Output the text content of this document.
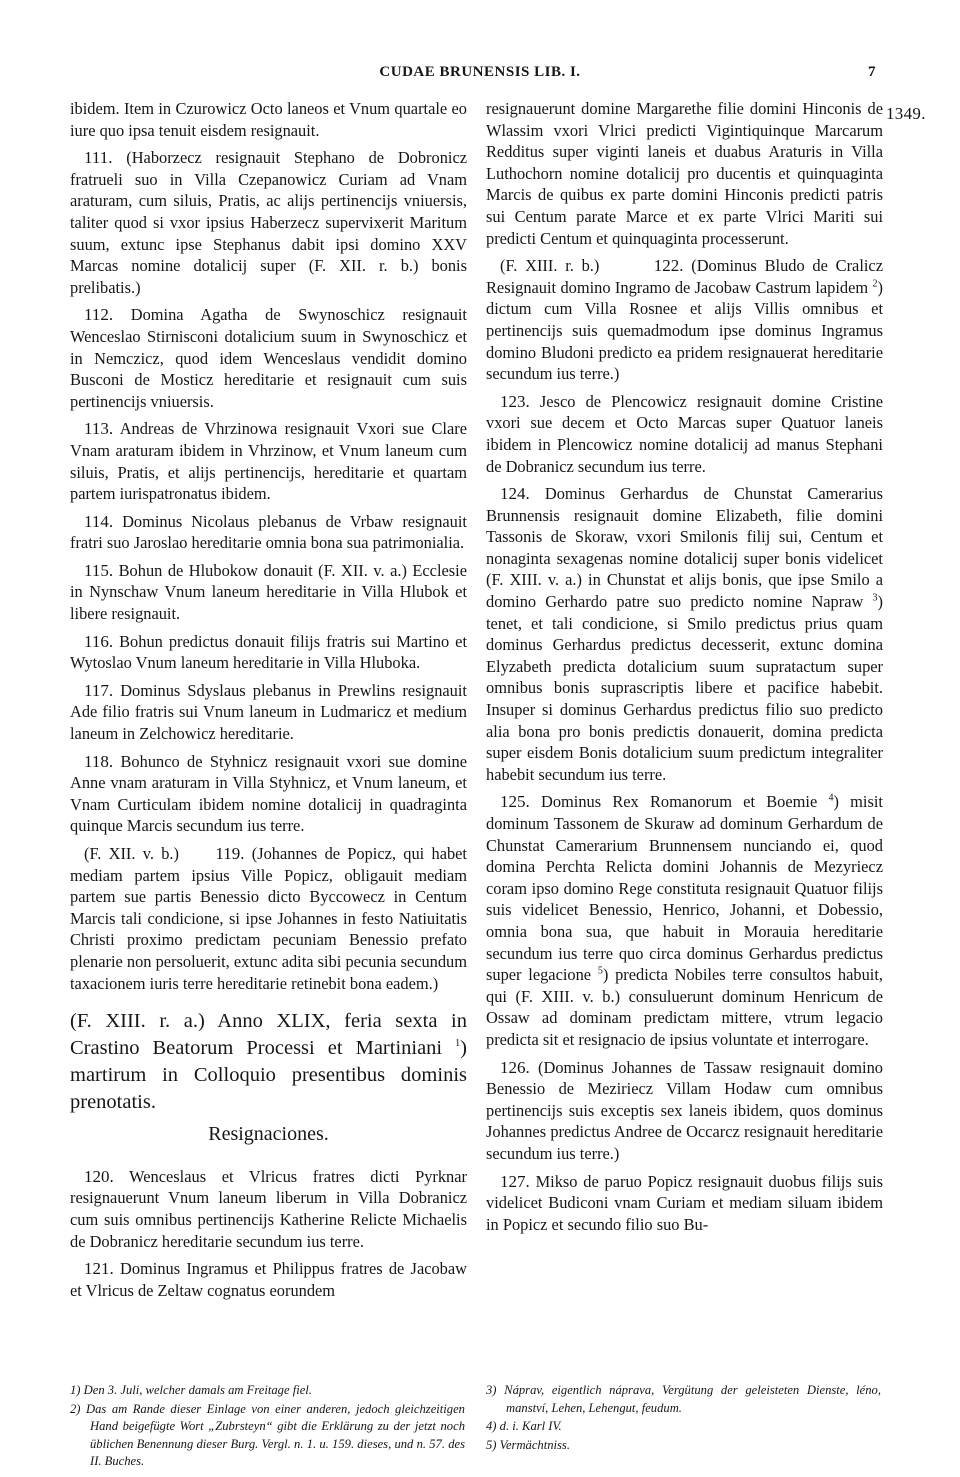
CUDAE BRUNENSIS LIB. I.	7
1349.

ibidem. Item in Czurowicz Octo laneos et Vnum quartale eo iure quo ipsa tenuit eisdem resignauit.

111. (Haborzecz resignauit Stephano de Dobronicz fratrueli suo in Villa Czepanowicz Curiam ad Vnam araturam, cum siluis, Pratis, ac alijs pertinencijs vniuersis, taliter quod si vxor ipsius Haberzecz supervixerit Maritum suum, extunc ipse Stephanus dabit ipsi domino XXV Marcas nomine dotalicij super (F. XII. r. b.) bonis prelibatis.)

112. Domina Agatha de Swynoschicz resignauit Wenceslao Stirnisconi dotalicium suum in Swynoschicz et in Nemczicz, quod idem Wenceslaus vendidit domino Busconi de Mosticz hereditarie et resignauit cum suis pertinencijs vniuersis.

113. Andreas de Vhrzinowa resignauit Vxori sue Clare Vnam araturam ibidem in Vhrzinow, et Vnum laneum cum siluis, Pratis, et alijs pertinencijs, hereditarie et quartam partem iurispatronatus ibidem.

114. Dominus Nicolaus plebanus de Vrbaw resignauit fratri suo Jaroslao hereditarie omnia bona sua patrimonialia.

115. Bohun de Hlubokow donauit (F. XII. v. a.) Ecclesie in Nynschaw Vnum laneum hereditarie in Villa Hlubok et libere resignauit.

116. Bohun predictus donauit filijs fratris sui Martino et Wytoslao Vnum laneum hereditarie in Villa Hluboka.

117. Dominus Sdyslaus plebanus in Prewlins resignauit Ade filio fratris sui Vnum laneum in Ludmaricz et medium laneum in Zelchowicz hereditarie.

118. Bohunco de Styhnicz resignauit vxori sue domine Anne vnam araturam in Villa Styhnicz, et Vnum laneum, et Vnam Curticulam ibidem nomine dotalicij in quadraginta quinque Marcis secundum ius terre.

(F. XII. v. b.) 119. (Johannes de Popicz, qui habet mediam partem ipsius Ville Popicz, obligauit mediam partem sue partis Benessio dicto Byccowecz in Centum Marcis tali condicione, si ipse Johannes in festo Natiuitatis Christi proximo predictam pecuniam Benessio prefato plenarie non persoluerit, extunc adita sibi pecunia secundum taxacionem iuris terre hereditarie retinebit bona eadem.)

(F. XIII. r. a.) Anno XLIX, feria sexta in Crastino Beatorum Processi et Martiniani $^1$) martirum in Colloquio presentibus dominis prenotatis.
Resignaciones.

120. Wenceslaus et Vlricus fratres dicti Pyrknar resignauerunt Vnum laneum liberum in Villa Dobranicz cum suis omnibus pertinencijs Katherine Relicte Michaelis de Dobranicz hereditarie secundum ius terre.

121. Dominus Ingramus et Philippus fratres de Jacobaw et Vlricus de Zeltaw cognatus eorundem

resignauerunt domine Margarethe filie domini Hinconis de Wlassim vxori Vlrici predicti Vigintiquinque Marcarum Redditus super viginti laneis et duabus Araturis in Villa Luthochorn nomine dotalicij pro ducentis et quinquaginta Marcis de quibus ex parte domini Hinconis predicti patris sui Centum parate Marce et ex parte Vlrici Mariti sui predicti Centum et quinquaginta processerunt.

(F. XIII. r. b.)	122. (Dominus Bludo de Cralicz Resignauit domino Ingramo de Jacobaw Castrum lapidem $^2$) dictum cum Villa Rosnee et alijs Villis omnibus et pertinencijs suis quemadmodum ipse dominus Ingramus domino Bludoni predicto ea pridem resignauerat hereditarie secundum ius terre.)

123. Jesco de Plencowicz resignauit domine Cristine vxori sue decem et Octo Marcas super Quatuor laneis ibidem in Plencowicz nomine dotalicij ad manus Stephani de Dobranicz secundum ius terre.

124. Dominus Gerhardus de Chunstat Camerarius Brunnensis resignauit domine Elizabeth, filie domini Tassonis de Skoraw, vxori Smilonis filij sui, Centum et nonaginta sexagenas nomine dotalicij super bonis videlicet (F. XIII. v. a.) in Chunstat et alijs bonis, que ipse Smilo a domino Gerhardo patre suo predicto nomine Napraw $^3$) tenet, et tali condicione, si Smilo predictus prius quam dominus Gerhardus predictus decesserit, extunc domina Elyzabeth predicta dotalicium suum supratactum super omnibus bonis suprascriptis libere et pacifice habebit. Insuper si dominus Gerhardus predictus filio suo predicto alia bona pro bonis predictis donauerit, domina predicta super eisdem Bonis dotalicium suum predictum integraliter habebit secundum ius terre.

125. Dominus Rex Romanorum et Boemie $^4$) misit dominum Tassonem de Skuraw ad dominum Gerhardum de Chunstat Camerarium Brunnensem nunciando ei, quod domina Perchta Relicta domini Johannis de Mezyriecz coram ipso domino Rege constituta resignauit Quatuor filijs suis videlicet Benessio, Henrico, Johanni, et Dobessio, omnia bona sua, que habuit in Morauia hereditarie secundum ius terre quo circa dominus Gerhardus predictus super legacione $^5$) predicta Nobiles terre consultos habuit, qui (F. XIII. v. b.) consuluerunt dominum Henricum de Ossaw ad dominam predictam mittere, vtrum legacio predicta sit et resignacio de ipsius voluntate et interrogare.

126. (Dominus Johannes de Tassaw resignauit domino Benessio de Meziriecz Villam Hodaw cum omnibus pertinencijs suis exceptis sex laneis ibidem, quos dominus Johannes predictus Andree de Occarcz resignauit hereditarie secundum ius terre.)

127. Mikso de paruo Popicz resignauit duobus filijs suis videlicet Budiconi vnam Curiam et mediam siluam ibidem in Popicz et secundo filio suo Bu-

1) Den 3. Juli, welcher damals am Freitage fiel.
2) Das am Rande dieser Einlage von einer anderen, jedoch gleichzeitigen Hand beigefügte Wort „Zubrsteyn“ gibt die Erklärung zu der jetzt noch üblichen Benennung dieser Burg. Vergl. n. 1. u. 159. dieses, und n. 57. des II. Buches.
3) Náprav, eigentlich náprava, Vergütung der geleisteten Dienste, léno, manství, Lehen, Lehengut, feudum.
4) d. i. Karl IV.
5) Vermächtniss.
